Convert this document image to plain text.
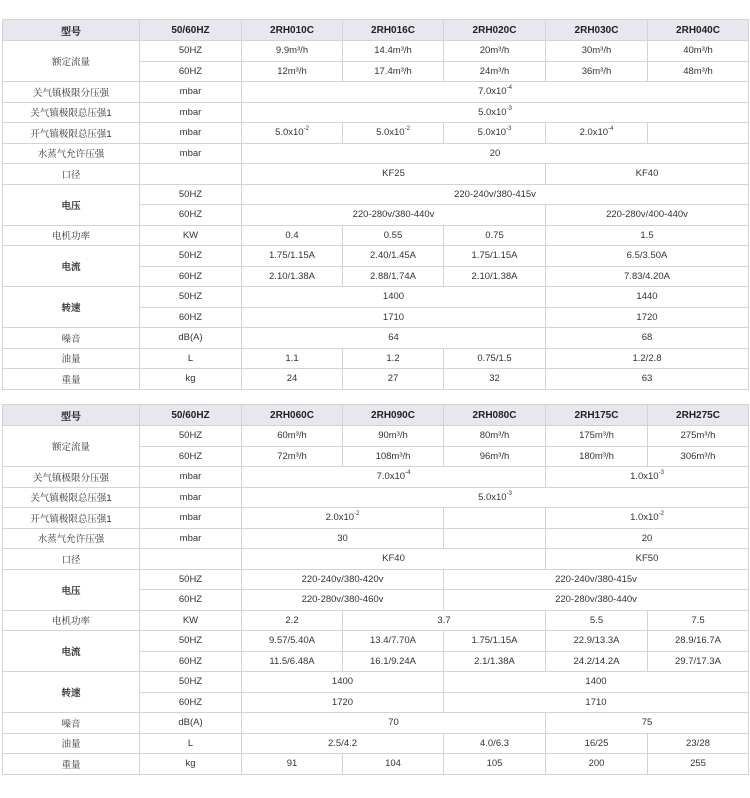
型号	50/60HZ	2RH010C	2RH016C	2RH020C	2RH030C	2RH040C
额定流量	50HZ	9.9m³/h	14.4m³/h	20m³/h	30m³/h	40m³/h
	60HZ	12m³/h	17.4m³/h	24m³/h	36m³/h	48m³/h
关气镇极限分压强	mbar	$7.0x10^{-4}$
关气镇极限总压强1	mbar	$5.0x10^{-3}$
开气镇极限总压强1	mbar	$5.0x10^{-2}$	$5.0x10^{-2}$	$5.0x10^{-3}$	$2.0x10^{-4}$	
水蒸气允许压强	mbar	20				
口径		KF25			KF40	
电压	50HZ	220-240v/380-415v				
	60HZ	220-280v/380-440v			220-280v/400-440v	
电机功率	KW	0.4	0.55	0.75	1.5	
电流	50HZ	1.75/1.15A	2.40/1.45A	1.75/1.15A	6.5/3.50A	
	60HZ	2.10/1.38A	2.88/1.74A	2.10/1.38A	7.83/4.20A	
转速	50HZ	1400			1440	
	60HZ	1710			1720	
噪音	dB(A)	64			68	
油量	L	1.1	1.2	0.75/1.5	1.2/2.8	
重量	kg	24	27	32	63	
型号	50/60HZ	2RH060C	2RH090C	2RH080C	2RH175C	2RH275C
额定流量	50HZ	60m³/h	90m³/h	80m³/h	175m³/h	275m³/h
	60HZ	72m³/h	108m³/h	96m³/h	180m³/h	306m³/h
关气镇极限分压强	mbar	$7.0x10^{-4}$			$1.0x10^{-3}$
关气镇极限总压强1	mbar	$5.0x10^{-3}$
开气镇极限总压强1	mbar	$2.0x10^{-2}$			$1.0x10^{-2}$
水蒸气允许压强	mbar	30			20	
口径		KF40			KF50	
电压	50HZ	220-240v/380-420v		220-240v/380-415v		
	60HZ	220-280v/380-460v		220-280v/380-440v		
电机功率	KW	2.2	3.7		5.5	7.5
电流	50HZ	9.57/5.40A	13.4/7.70A	1.75/1.15A	22.9/13.3A	28.9/16.7A
	60HZ	11.5/6.48A	16.1/9.24A	2.1/1.38A	24.2/14.2A	29.7/17.3A
转速	50HZ	1400		1400		
	60HZ	1720		1710		
噪音	dB(A)	70			75	
油量	L	2.5/4.2		4.0/6.3	16/25	23/28
重量	kg	91	104	105	200	255
